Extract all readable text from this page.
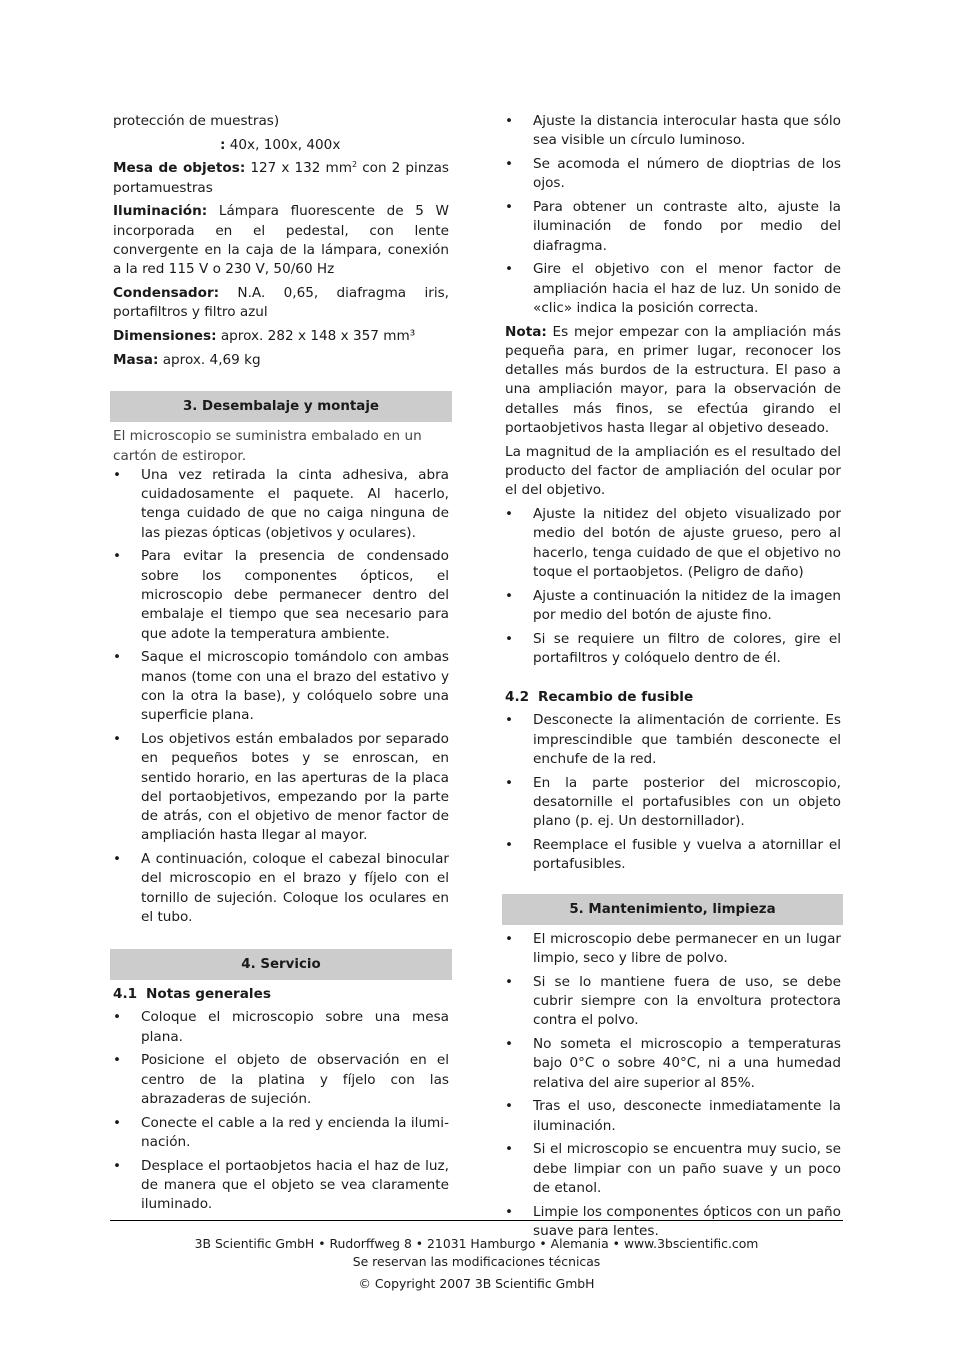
protección de muestras)

: 40x, 100x, 400x

Mesa de objetos: 127 x 132 $mm^2$ con 2 pinzas portamuestras

Iluminación: Lámpara fluorescente de 5 W incorporada en el pedestal, con lente convergente en la caja de la lámpara, conexión a la red 115 V o 230 V, 50/60 Hz

Condensador: N.A. 0,65, diafragma iris, portafiltros y filtro azul

Dimensiones: aprox. 282 x 148 x 357 mm³

Masa: aprox. 4,69 kg

3. Desembalaje y montaje

El microscopio se suministra embalado en un cartón de estiropor.

• Una vez retirada la cinta adhesiva, abra cuidadosamente el paquete. Al hacerlo, tenga cuidado de que no caiga ninguna de las piezas ópticas (objetivos y oculares).
• Para evitar la presencia de condensado sobre los componentes ópticos, el microscopio debe permanecer dentro del embalaje el tiempo que sea necesario para que adote la temperatura ambiente.
• Saque el microscopio tomándolo con ambas manos (tome con una el brazo del estativo y con la otra la base), y colóquelo sobre una superficie plana.
• Los objetivos están embalados por separado en pequeños botes y se enroscan, en sentido horario, en las aperturas de la placa del portaobjetivos, empezando por la parte de atrás, con el objetivo de menor factor de ampliación hasta llegar al mayor.
• A continuación, coloque el cabezal binocular del microscopio en el brazo y fíjelo con el tornillo de sujeción. Coloque los oculares en el tubo.
4. Servicio
4.1 Notas generales
• Coloque el microscopio sobre una mesa plana.
• Posicione el objeto de observación en el centro de la platina y fíjelo con las abrazaderas de sujeción.
• Conecte el cable a la red y encienda la iluminación.
• Desplace el portaobjetos hacia el haz de luz, de manera que el objeto se vea claramente iluminado.
• Ajuste la distancia interocular hasta que sólo sea visible un círculo luminoso.
• Se acomoda el número de dioptrias de los ojos.
• Para obtener un contraste alto, ajuste la iluminación de fondo por medio del diafragma.
• Gire el objetivo con el menor factor de ampliación hacia el haz de luz. Un sonido de «clic» indica la posición correcta.

Nota: Es mejor empezar con la ampliación más pequeña para, en primer lugar, reconocer los detalles más burdos de la estructura. El paso a una ampliación mayor, para la observación de detalles más finos, se efectúa girando el portaobjetivos hasta llegar al objetivo deseado.

La magnitud de la ampliación es el resultado del producto del factor de ampliación del ocular por el del objetivo.

• Ajuste la nitidez del objeto visualizado por medio del botón de ajuste grueso, pero al hacerlo, tenga cuidado de que el objetivo no toque el portaobjetos. (Peligro de daño)
• Ajuste a continuación la nitidez de la imagen por medio del botón de ajuste fino.
• Si se requiere un filtro de colores, gire el portafiltros y colóquelo dentro de él.
4.2 Recambio de fusible
• Desconecte la alimentación de corriente. Es imprescindible que también desconecte el enchufe de la red.
• En la parte posterior del microscopio, desatornille el portafusibles con un objeto plano (p. ej. Un destornillador).
• Reemplace el fusible y vuelva a atornillar el portafusibles.
5. Mantenimiento, limpieza
• El microscopio debe permanecer en un lugar limpio, seco y libre de polvo.
• Si se lo mantiene fuera de uso, se debe cubrir siempre con la envoltura protectora contra el polvo.
• No someta el microscopio a temperaturas bajo 0°C o sobre 40°C, ni a una humedad relativa del aire superior al 85%.
• Tras el uso, desconecte inmediatamente la iluminación.
• Si el microscopio se encuentra muy sucio, se debe limpiar con un paño suave y un poco de etanol.
• Limpie los componentes ópticos con un paño suave para lentes.
3B Scientific GmbH • Rudorffweg 8 • 21031 Hamburgo • Alemania • www.3bscientific.com
Se reservan las modificaciones técnicas
© Copyright 2007 3B Scientific GmbH
